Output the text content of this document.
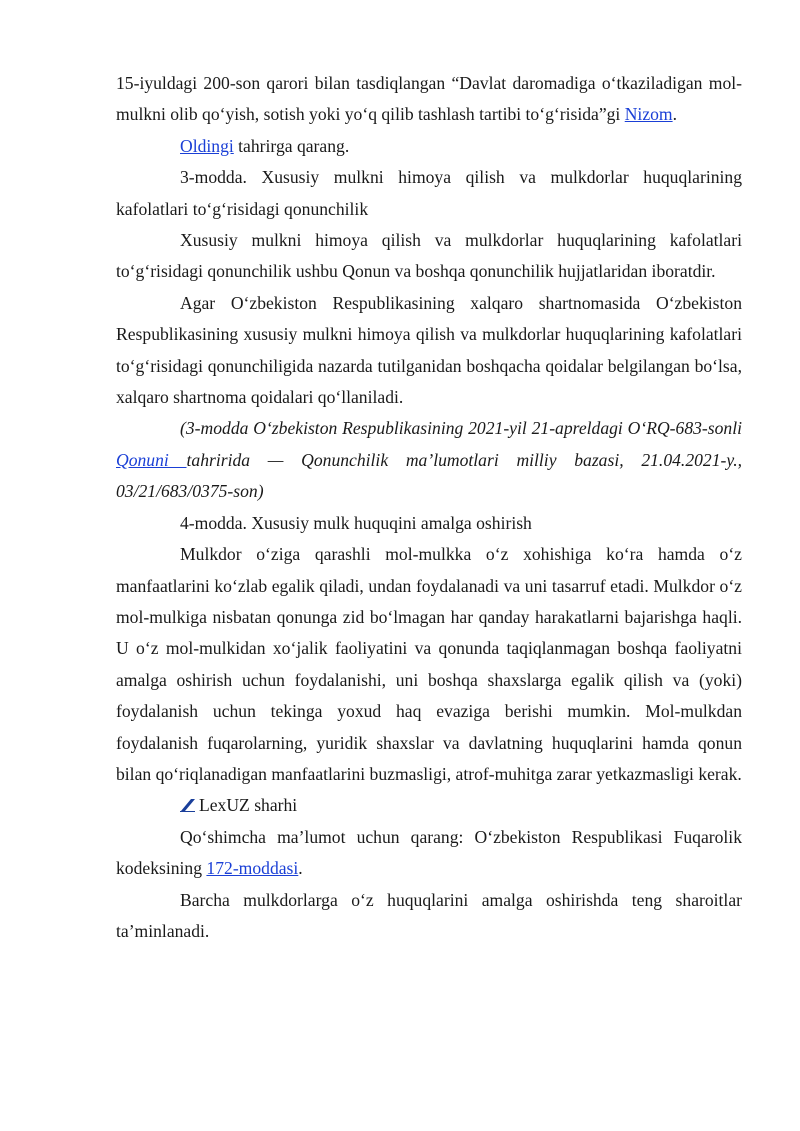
15-iyuldagi 200-son qarori bilan tasdiqlangan “Davlat daromadiga o‘tkaziladigan mol-mulkni olib qo‘yish, sotish yoki yo‘q qilib tashlash tartibi to‘g‘risida”gi Nizom.

Oldingi tahrirga qarang.

3-modda. Xususiy mulkni himoya qilish va mulkdorlar huquqlarining kafolatlari to‘g‘risidagi qonunchilik

Xususiy mulkni himoya qilish va mulkdorlar huquqlarining kafolatlari to‘g‘risidagi qonunchilik ushbu Qonun va boshqa qonunchilik hujjatlaridan iboratdir.

Agar O‘zbekiston Respublikasining xalqaro shartnomasida O‘zbekiston Respublikasining xususiy mulkni himoya qilish va mulkdorlar huquqlarining kafolatlari to‘g‘risidagi qonunchiligida nazarda tutilganidan boshqacha qoidalar belgilangan bo‘lsa, xalqaro shartnoma qoidalari qo‘llaniladi.

(3-modda O‘zbekiston Respublikasining 2021-yil 21-apreldagi O‘RQ-683-sonli Qonuni tahririda — Qonunchilik ma’lumotlari milliy bazasi, 21.04.2021-y., 03/21/683/0375-son)

4-modda. Xususiy mulk huquqini amalga oshirish

Mulkdor o‘ziga qarashli mol-mulkka o‘z xohishiga ko‘ra hamda o‘z manfaatlarini ko‘zlab egalik qiladi, undan foydalanadi va uni tasarruf etadi. Mulkdor o‘z mol-mulkiga nisbatan qonunga zid bo‘lmagan har qanday harakatlarni bajarishga haqli. U o‘z mol-mulkidan xo‘jalik faoliyatini va qonunda taqiqlanmagan boshqa faoliyatni amalga oshirish uchun foydalanishi, uni boshqa shaxslarga egalik qilish va (yoki) foydalanish uchun tekinga yoxud haq evaziga berishi mumkin. Mol-mulkdan foydalanish fuqarolarning, yuridik shaxslar va davlatning huquqlarini hamda qonun bilan qo‘riqlanadigan manfaatlarini buzmasligi, atrof-muhitga zarar yetkazmasligi kerak.

LexUZ sharhi

Qo‘shimcha ma’lumot uchun qarang: O‘zbekiston Respublikasi Fuqarolik kodeksining 172-moddasi.

Barcha mulkdorlarga o‘z huquqlarini amalga oshirishda teng sharoitlar ta’minlanadi.
